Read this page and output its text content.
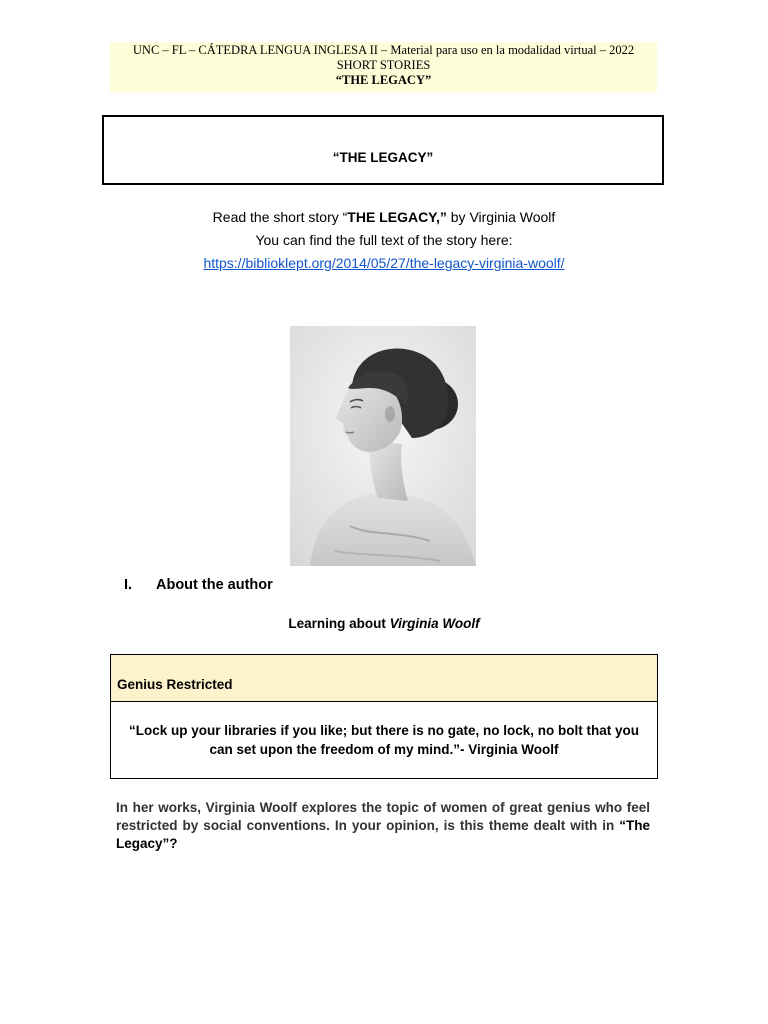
UNC – FL – CÁTEDRA LENGUA INGLESA II – Material para uso en la modalidad virtual – 2022
SHORT STORIES
“THE LEGACY”
“THE LEGACY”
Read the short story “THE LEGACY,” by Virginia Woolf
You can find the full text of the story here:
https://biblioklept.org/2014/05/27/the-legacy-virginia-woolf/
I. About the author
Learning about Virginia Woolf
Genius Restricted
“Lock up your libraries if you like; but there is no gate, no lock, no bolt that you can set upon the freedom of my mind.”- Virginia Woolf
In her works, Virginia Woolf explores the topic of women of great genius who feel restricted by social conventions. In your opinion, is this theme dealt with in “The Legacy”?
